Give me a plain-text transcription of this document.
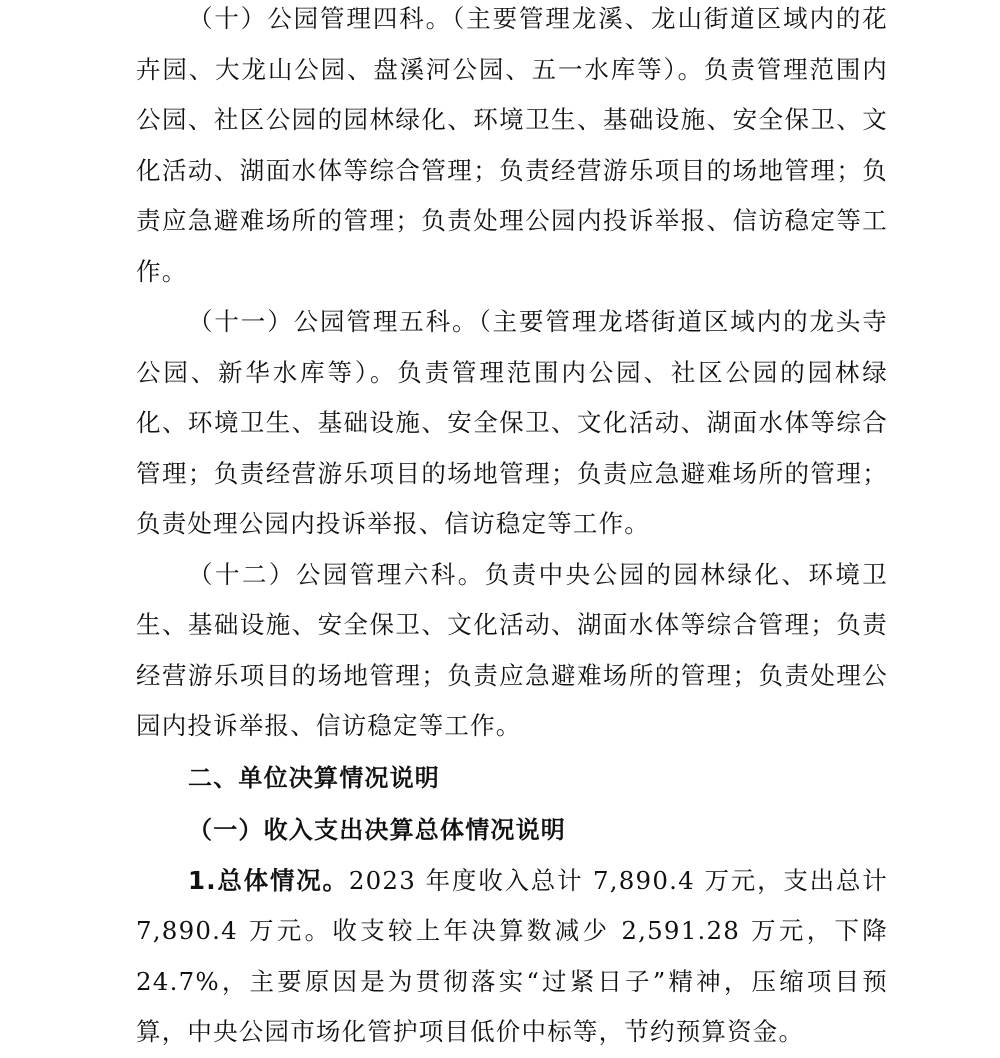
（十）公园管理四科。（主要管理龙溪、龙山街道区域内的花卉园、大龙山公园、盘溪河公园、五一水库等）。负责管理范围内公园、社区公园的园林绿化、环境卫生、基础设施、安全保卫、文化活动、湖面水体等综合管理；负责经营游乐项目的场地管理；负责应急避难场所的管理；负责处理公园内投诉举报、信访稳定等工作。

（十一）公园管理五科。（主要管理龙塔街道区域内的龙头寺公园、新华水库等）。负责管理范围内公园、社区公园的园林绿化、环境卫生、基础设施、安全保卫、文化活动、湖面水体等综合管理；负责经营游乐项目的场地管理；负责应急避难场所的管理；负责处理公园内投诉举报、信访稳定等工作。

（十二）公园管理六科。负责中央公园的园林绿化、环境卫生、基础设施、安全保卫、文化活动、湖面水体等综合管理；负责经营游乐项目的场地管理；负责应急避难场所的管理；负责处理公园内投诉举报、信访稳定等工作。

二、单位决算情况说明

（一）收入支出决算总体情况说明

1.总体情况。2023 年度收入总计 7,890.4 万元，支出总计 7,890.4 万元。收支较上年决算数减少 2,591.28 万元，下降 24.7%，主要原因是为贯彻落实“过紧日子”精神，压缩项目预算，中央公园市场化管护项目低价中标等，节约预算资金。
